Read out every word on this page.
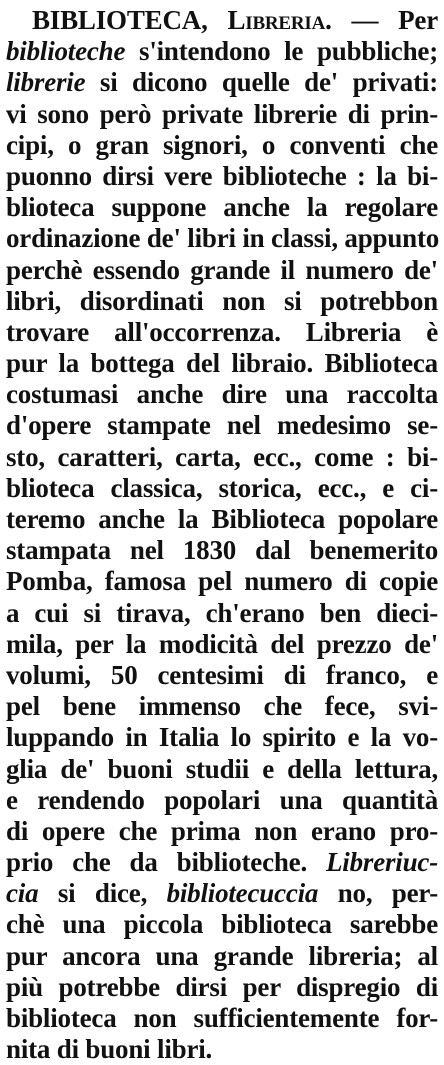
BIBLIOTECA, Libreria. — Per
biblioteche s'intendono le pubbliche;
librerie si dicono quelle de' privati:
vi sono però private librerie di prin-
cipi, o gran signori, o conventi che
puonno dirsi vere biblioteche : la bi-
blioteca suppone anche la regolare
ordinazione de' libri in classi, appunto
perchè essendo grande il numero de'
libri, disordinati non si potrebbon
trovare all'occorrenza. Libreria è
pur la bottega del libraio. Biblioteca
costumasi anche dire una raccolta
d'opere stampate nel medesimo se-
sto, caratteri, carta, ecc., come : bi-
blioteca classica, storica, ecc., e ci-
teremo anche la Biblioteca popolare
stampata nel 1830 dal benemerito
Pomba, famosa pel numero di copie
a cui si tirava, ch'erano ben dieci-
mila, per la modicità del prezzo de'
volumi, 50 centesimi di franco, e
pel bene immenso che fece, svi-
luppando in Italia lo spirito e la vo-
glia de' buoni studii e della lettura,
e rendendo popolari una quantità
di opere che prima non erano pro-
prio che da biblioteche. Libreriuc-
cia si dice, bibliotecuccia no, per-
chè una piccola biblioteca sarebbe
pur ancora una grande libreria; al
più potrebbe dirsi per dispregio di
biblioteca non sufficientemente for-
nita di buoni libri.
